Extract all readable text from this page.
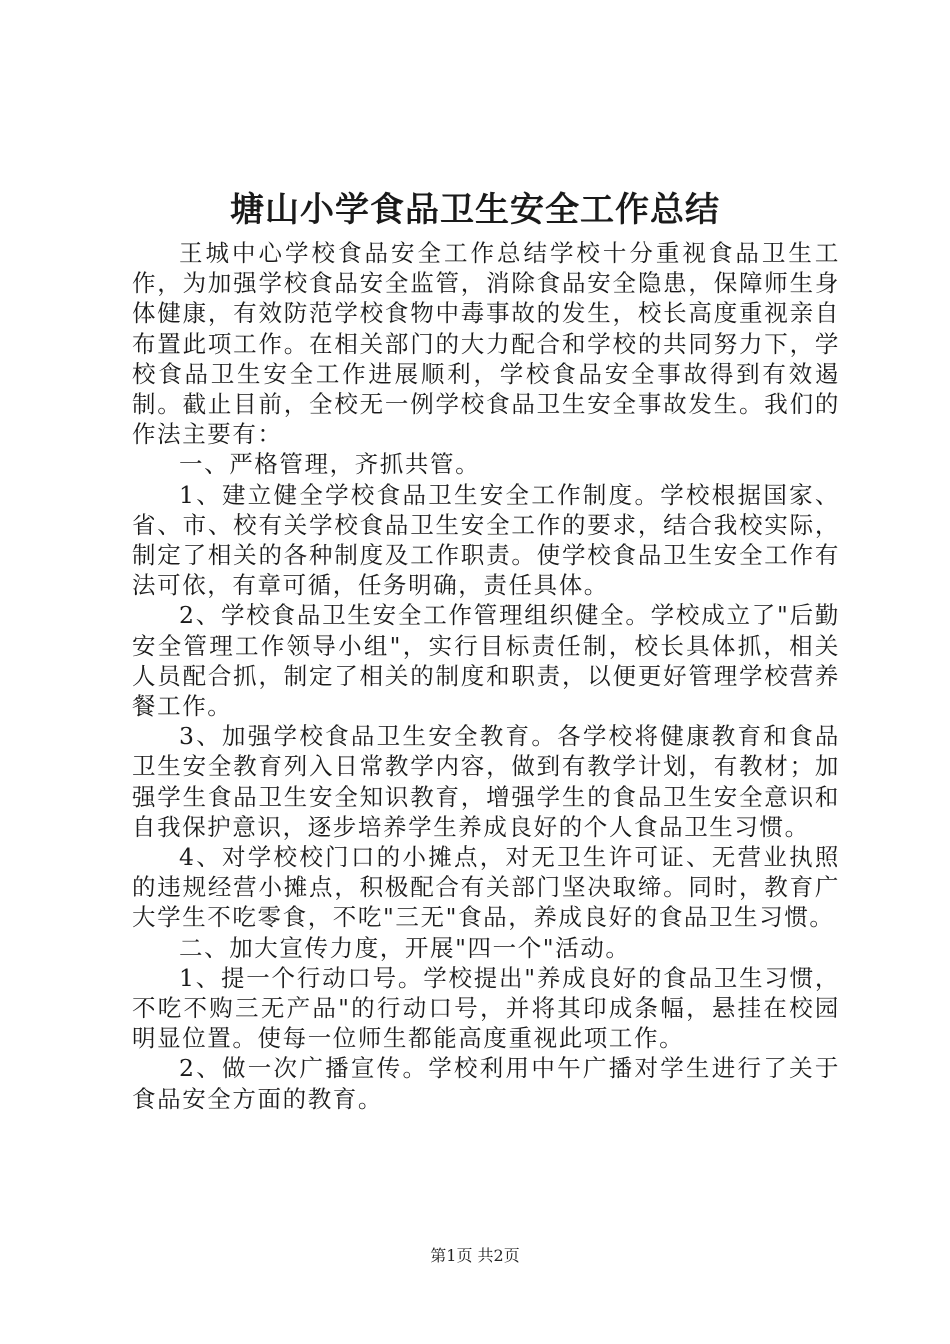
塘山小学食品卫生安全工作总结

王城中心学校食品安全工作总结学校十分重视食品卫生工作，为加强学校食品安全监管，消除食品安全隐患，保障师生身体健康，有效防范学校食物中毒事故的发生，校长高度重视亲自布置此项工作。在相关部门的大力配合和学校的共同努力下，学校食品卫生安全工作进展顺利，学校食品安全事故得到有效遏制。截止目前，全校无一例学校食品卫生安全事故发生。我们的作法主要有：

一、严格管理，齐抓共管。

1、建立健全学校食品卫生安全工作制度。学校根据国家、省、市、校有关学校食品卫生安全工作的要求，结合我校实际，制定了相关的各种制度及工作职责。使学校食品卫生安全工作有法可依，有章可循，任务明确，责任具体。

2、学校食品卫生安全工作管理组织健全。学校成立了"后勤安全管理工作领导小组"，实行目标责任制，校长具体抓，相关人员配合抓，制定了相关的制度和职责，以便更好管理学校营养餐工作。

3、加强学校食品卫生安全教育。各学校将健康教育和食品卫生安全教育列入日常教学内容，做到有教学计划，有教材；加强学生食品卫生安全知识教育，增强学生的食品卫生安全意识和自我保护意识，逐步培养学生养成良好的个人食品卫生习惯。

4、对学校校门口的小摊点，对无卫生许可证、无营业执照的违规经营小摊点，积极配合有关部门坚决取缔。同时，教育广大学生不吃零食，不吃"三无"食品，养成良好的食品卫生习惯。

二、加大宣传力度，开展"四一个"活动。

1、提一个行动口号。学校提出"养成良好的食品卫生习惯，不吃不购三无产品"的行动口号，并将其印成条幅，悬挂在校园明显位置。使每一位师生都能高度重视此项工作。

2、做一次广播宣传。学校利用中午广播对学生进行了关于食品安全方面的教育。

第1页 共2页
